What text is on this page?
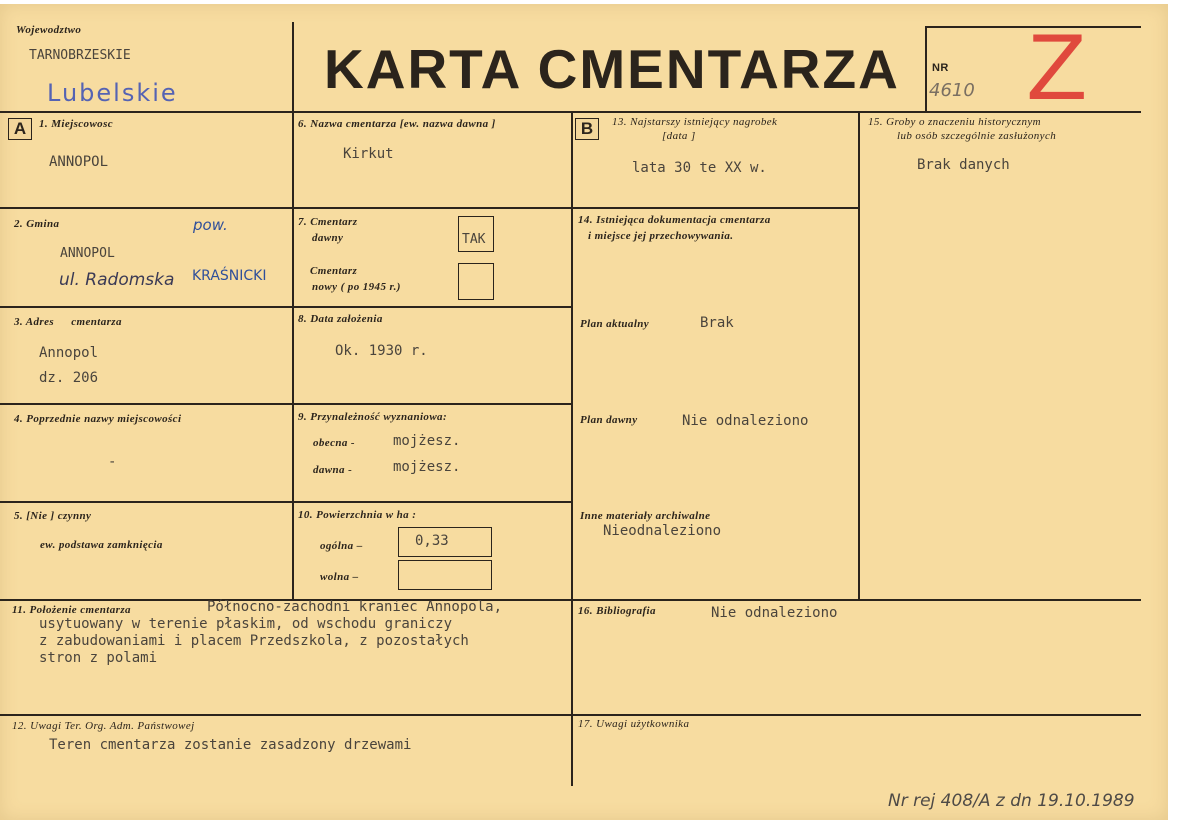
Wojewodztwo
TARNOBRZESKIE
Lubelskie	KARTA CMENTARZA	NR
4610 Z
A	B
1. Miejscowosc
ANNOPOL
6. Nazwa cmentarza [ew. nazwa dawna ]
Kirkut
13. Najstarszy istniejący nagrobek
[data ]
lata 30 te XX w.
15. Groby o znaczeniu historycznym
lub osób szczególnie zasłużonych
Brak danych
2. Gmina	pow.
ANNOPOL
ul. Radomska KRAŚNICKI
7. Cmentarz
dawny	TAK
Cmentarz
nowy ( po 1945 r.)
14. Istniejąca dokumentacja cmentarza
i miejsce jej przechowywania.
Plan aktualny	Brak
Plan dawny	Nie odnaleziono
Inne materiały archiwalne
Nieodnaleziono
3. Adres cmentarza
Annopol
dz. 206
8. Data założenia
Ok. 1930 r.
4. Poprzednie nazwy miejscowości
-
9. Przynależność wyznaniowa:
obecna -	mojżesz.
dawna -	mojżesz.
5. [Nie ] czynny
ew. podstawa zamknięcia
10. Powierzchnia w ha :
ogólna –	0,33
wolna –
11. Położenie cmentarza	Północno-zachodni kraniec Annopola,
usytuowany w terenie płaskim, od wschodu graniczy
z zabudowaniami i placem Przedszkola, z pozostałych
stron z polami
16. Bibliografia	Nie odnaleziono
12. Uwagi Ter. Org. Adm. Państwowej
Teren cmentarza zostanie zasadzony drzewami
17. Uwagi użytkownika
Nr rej 408/A z dn 19.10.1989
